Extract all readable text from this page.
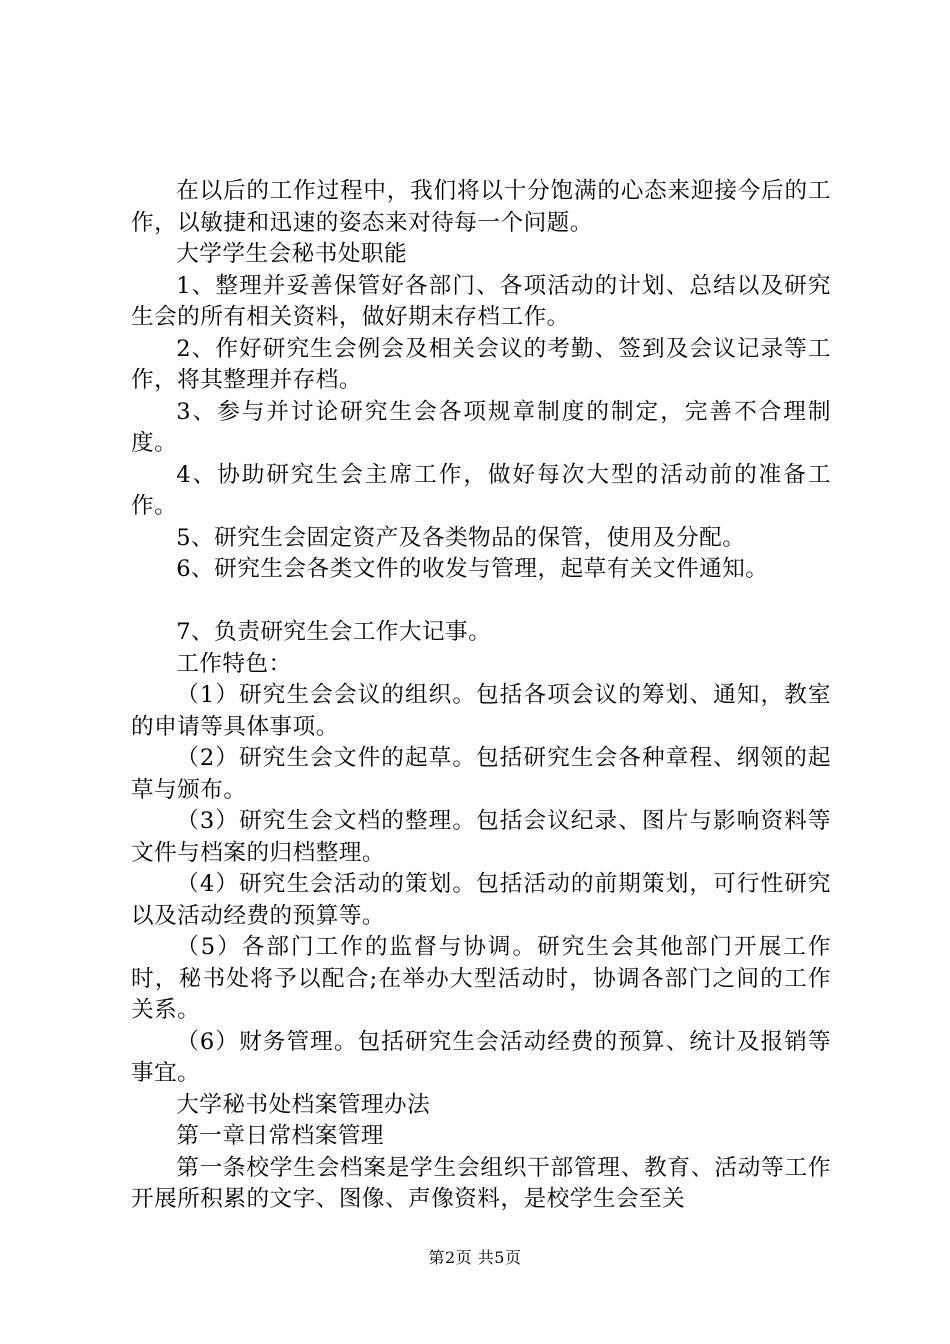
在以后的工作过程中，我们将以十分饱满的心态来迎接今后的工作，以敏捷和迅速的姿态来对待每一个问题。

大学学生会秘书处职能

1、整理并妥善保管好各部门、各项活动的计划、总结以及研究生会的所有相关资料，做好期末存档工作。

2、作好研究生会例会及相关会议的考勤、签到及会议记录等工作，将其整理并存档。

3、参与并讨论研究生会各项规章制度的制定，完善不合理制度。

4、协助研究生会主席工作，做好每次大型的活动前的准备工作。

5、研究生会固定资产及各类物品的保管，使用及分配。

6、研究生会各类文件的收发与管理，起草有关文件通知。

7、负责研究生会工作大记事。

工作特色：

（1）研究生会会议的组织。包括各项会议的筹划、通知，教室的申请等具体事项。

（2）研究生会文件的起草。包括研究生会各种章程、纲领的起草与颁布。

（3）研究生会文档的整理。包括会议纪录、图片与影响资料等文件与档案的归档整理。

（4）研究生会活动的策划。包括活动的前期策划，可行性研究以及活动经费的预算等。

（5）各部门工作的监督与协调。研究生会其他部门开展工作时，秘书处将予以配合;在举办大型活动时，协调各部门之间的工作关系。

（6）财务管理。包括研究生会活动经费的预算、统计及报销等事宜。

大学秘书处档案管理办法

第一章日常档案管理

第一条校学生会档案是学生会组织干部管理、教育、活动等工作开展所积累的文字、图像、声像资料，是校学生会至关

第2页 共5页
